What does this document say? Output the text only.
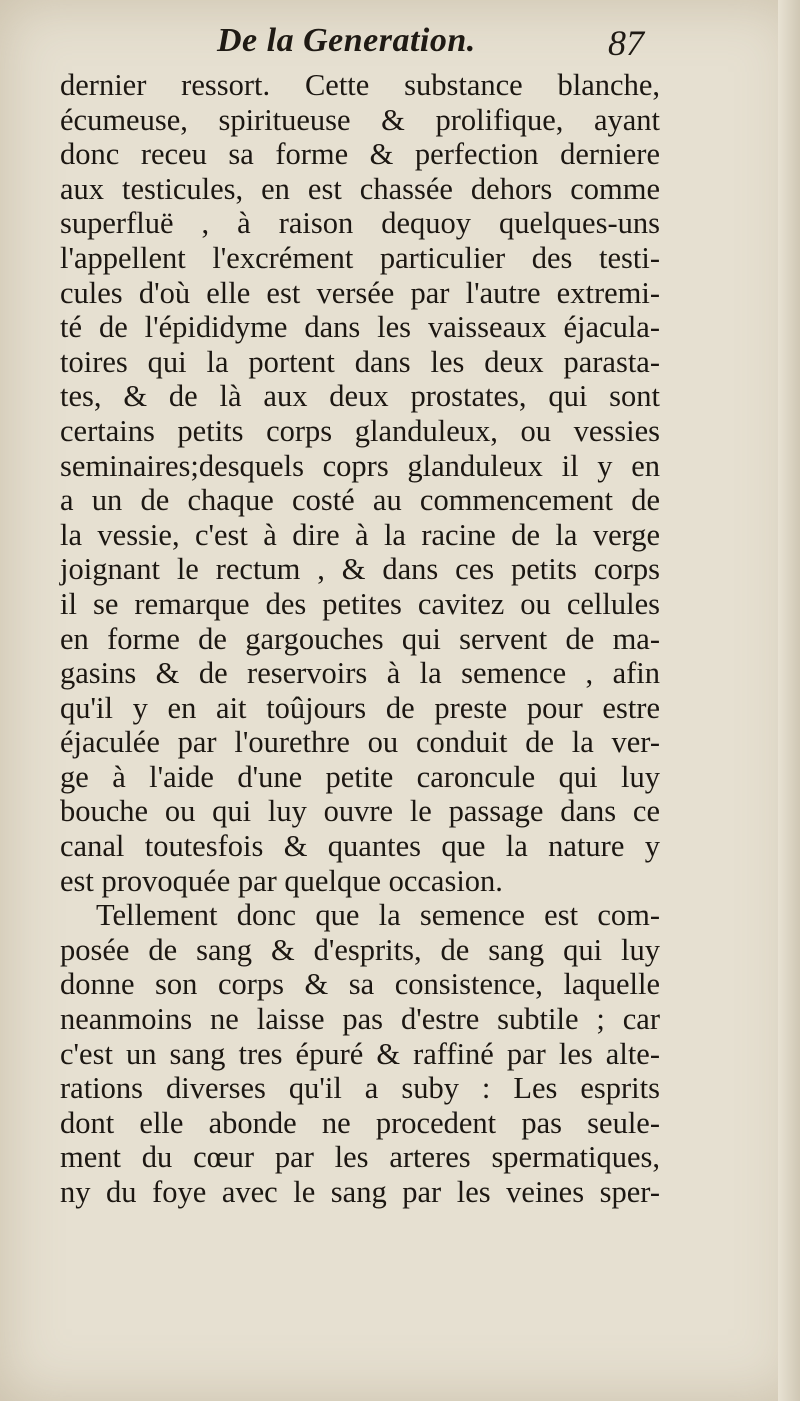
De la Generation.	87
dernier ressort. Cette substance blanche,
écumeuse, spiritueuse & prolifique, ayant
donc receu sa forme & perfection derniere
aux testicules, en est chassée dehors comme
superfluë , à raison dequoy quelques-uns
l'appellent l'excrément particulier des testi-
cules d'où elle est versée par l'autre extremi-
té de l'épididyme dans les vaisseaux éjacula-
toires qui la portent dans les deux parasta-
tes, & de là aux deux prostates, qui sont
certains petits corps glanduleux, ou vessies
seminaires;desquels coprs glanduleux il y en
a un de chaque costé au commencement de
la vessie, c'est à dire à la racine de la verge
joignant le rectum , & dans ces petits corps
il se remarque des petites cavitez ou cellules
en forme de gargouches qui servent de ma-
gasins & de reservoirs à la semence , afin
qu'il y en ait toûjours de preste pour estre
éjaculée par l'ourethre ou conduit de la ver-
ge à l'aide d'une petite caroncule qui luy
bouche ou qui luy ouvre le passage dans ce
canal toutesfois & quantes que la nature y
est provoquée par quelque occasion.
Tellement donc que la semence est com-
posée de sang & d'esprits, de sang qui luy
donne son corps & sa consistence, laquelle
neanmoins ne laisse pas d'estre subtile ; car
c'est un sang tres épuré & raffiné par les alte-
rations diverses qu'il a suby : Les esprits
dont elle abonde ne procedent pas seule-
ment du cœur par les arteres spermatiques,
ny du foye avec le sang par les veines sper-
